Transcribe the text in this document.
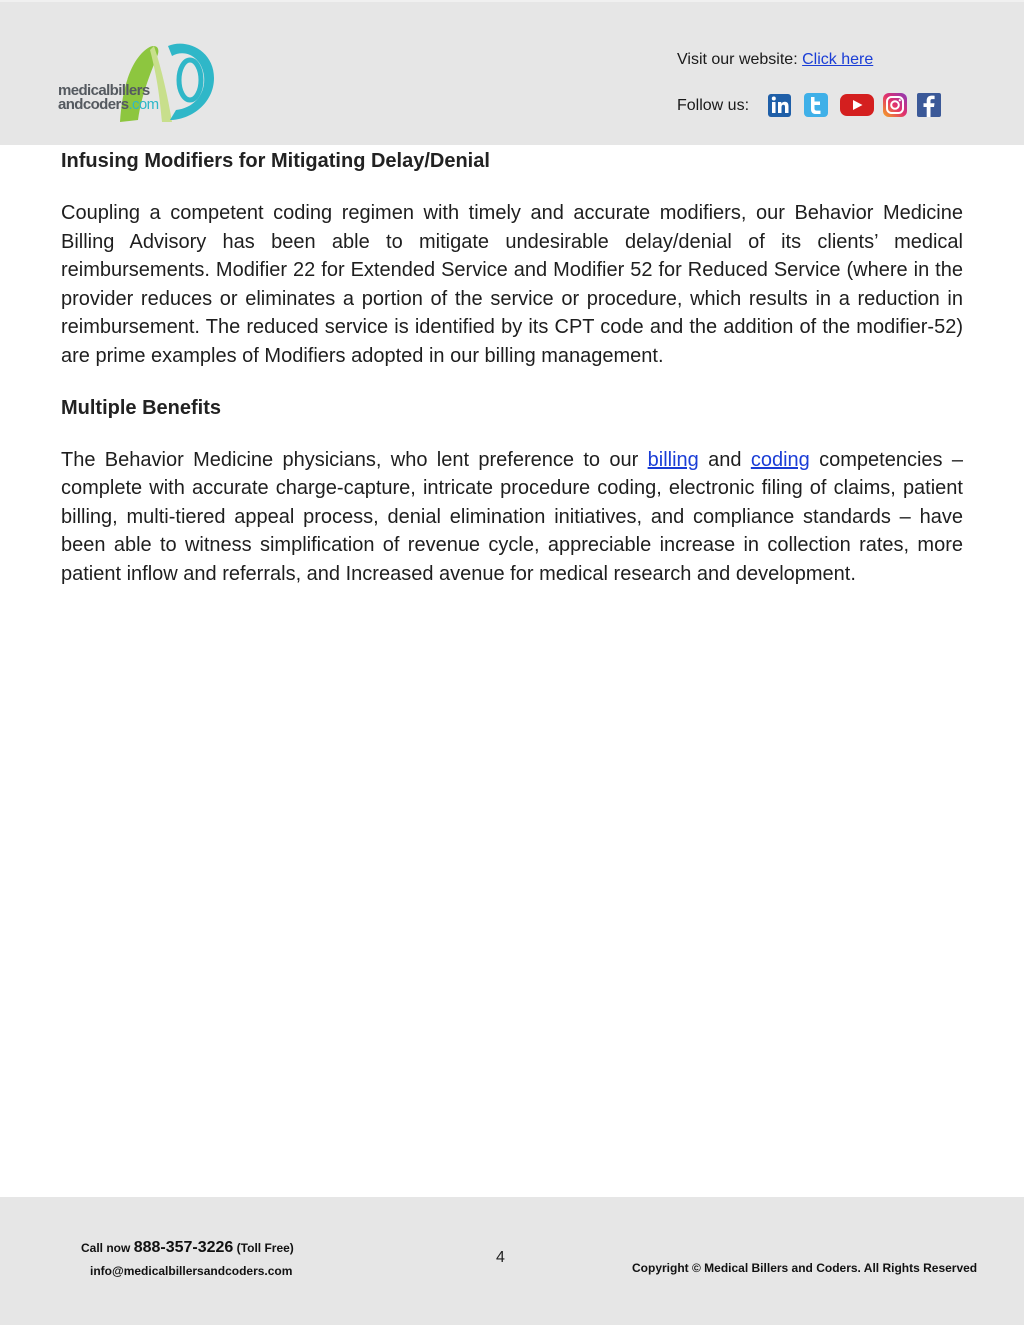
medicalbillers
andcoders.com
Visit our website: Click here
Follow us:
Infusing Modifiers for Mitigating Delay/Denial

Coupling a competent coding regimen with timely and accurate modifiers, our Behavior Medicine Billing Advisory has been able to mitigate undesirable delay/denial of its clients’ medical reimbursements. Modifier 22 for Extended Service and Modifier 52 for Reduced Service (where in the provider reduces or eliminates a portion of the service or procedure, which results in a reduction in reimbursement. The reduced service is identified by its CPT code and the addition of the modifier-52) are prime examples of Modifiers adopted in our billing management.

Multiple Benefits

The Behavior Medicine physicians, who lent preference to our billing and coding competencies – complete with accurate charge-capture, intricate procedure coding, electronic filing of claims, patient billing, multi-tiered appeal process, denial elimination initiatives, and compliance standards – have been able to witness simplification of revenue cycle, appreciable increase in collection rates, more patient inflow and referrals, and Increased avenue for medical research and development.

Call now 888-357-3226 (Toll Free)
info@medicalbillersandcoders.com
4
Copyright © Medical Billers and Coders. All Rights Reserved
